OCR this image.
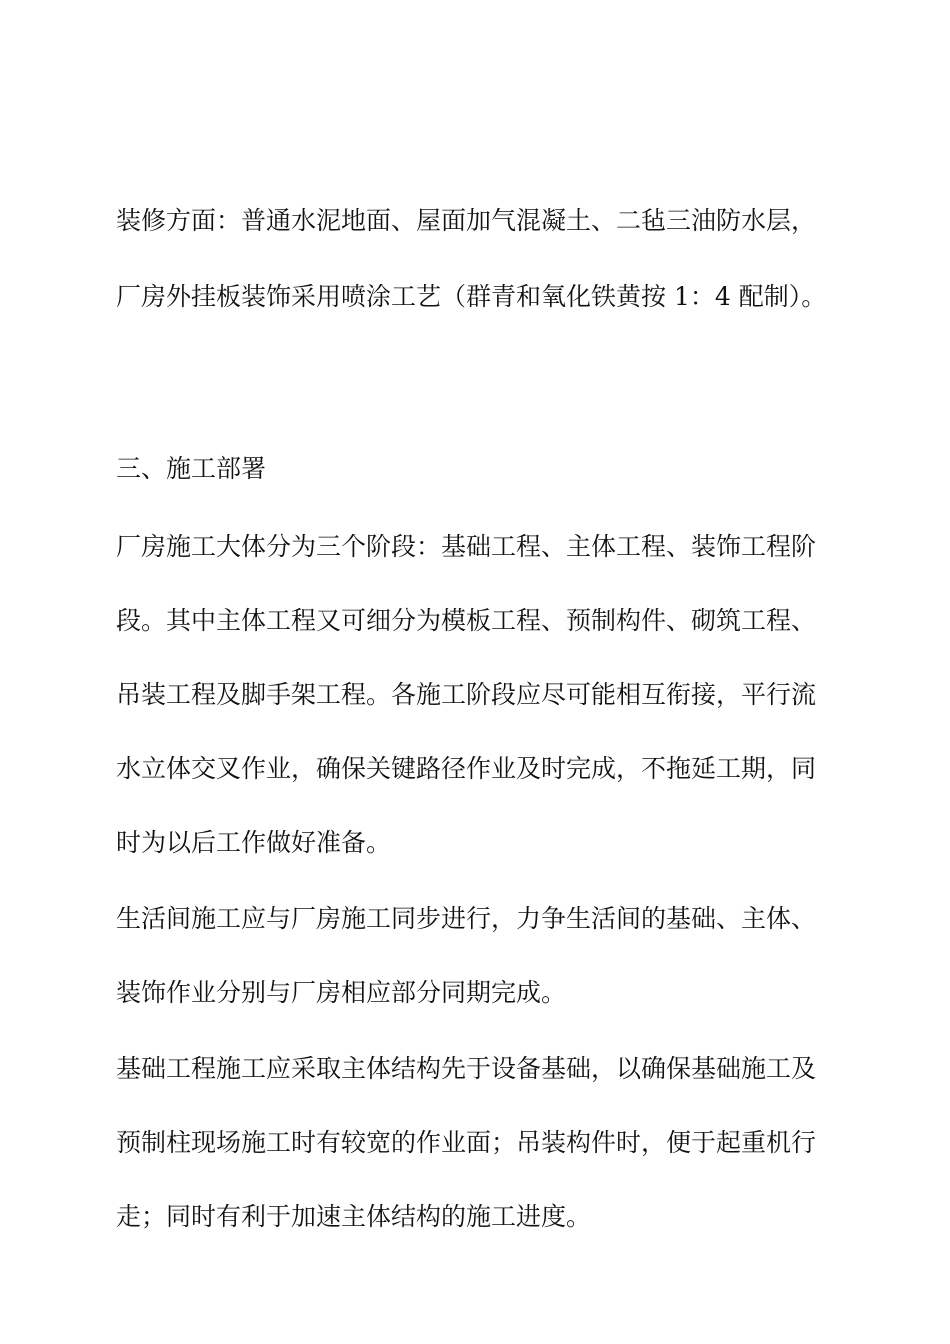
装修方面：普通水泥地面、屋面加气混凝土、二毡三油防水层，
厂房外挂板装饰采用喷涂工艺（群青和氧化铁黄按 1：4 配制）。
三、施工部署
厂房施工大体分为三个阶段：基础工程、主体工程、装饰工程阶
段。其中主体工程又可细分为模板工程、预制构件、砌筑工程、
吊装工程及脚手架工程。各施工阶段应尽可能相互衔接，平行流
水立体交叉作业，确保关键路径作业及时完成，不拖延工期，同
时为以后工作做好准备。
生活间施工应与厂房施工同步进行，力争生活间的基础、主体、
装饰作业分别与厂房相应部分同期完成。
基础工程施工应采取主体结构先于设备基础，以确保基础施工及
预制柱现场施工时有较宽的作业面；吊装构件时，便于起重机行
走；同时有利于加速主体结构的施工进度。
